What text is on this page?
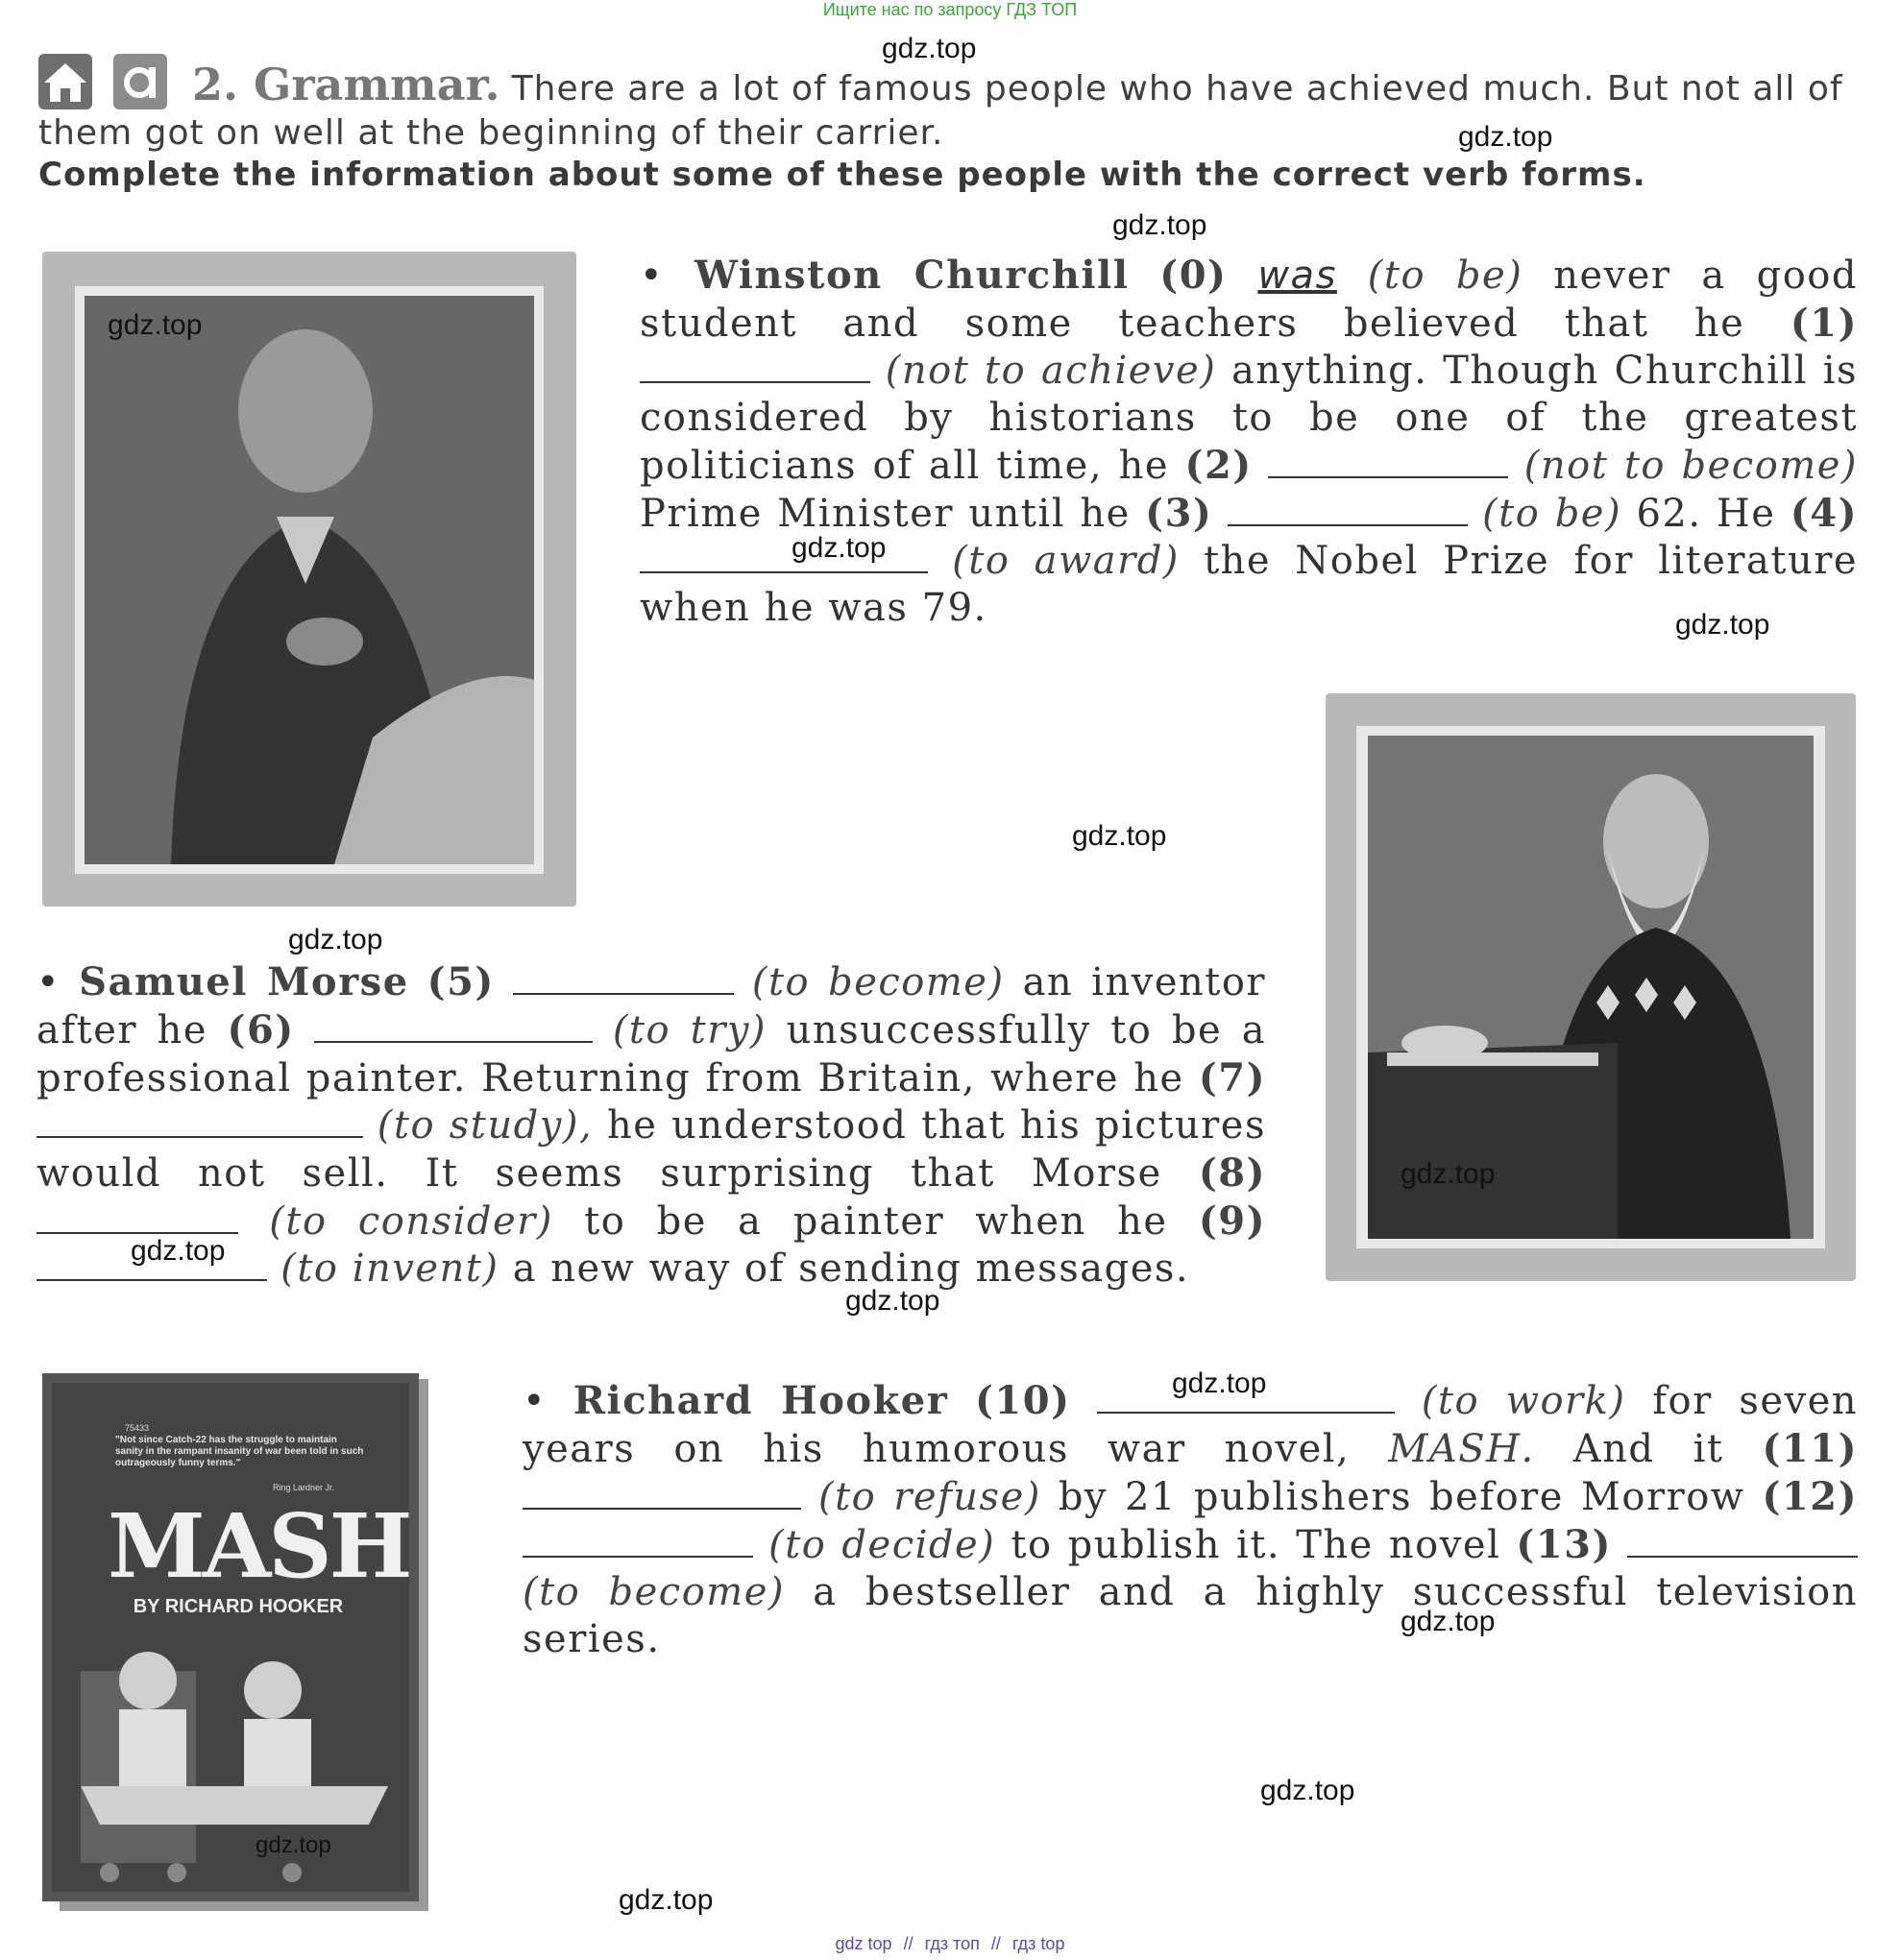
Ищите нас по запросу ГДЗ ТОП
2. Grammar. There are a lot of famous people who have achieved much. But not all of them got on well at the beginning of their carrier.
Complete the information about some of these people with the correct verb forms.
• Winston Churchill (0) was (to be) never a good student and some teachers believed that he (1)  (not to achieve) anything. Though Churchill is considered by historians to be one of the greatest politicians of all time, he (2)	(not to become) Prime Minister until he (3)	(to be) 62. He (4)  (to award) the Nobel Prize for literature when he was 79.
• Samuel Morse (5)	(to become) an inventor after he (6)	(to try) unsuccessfully to be a professional painter. Returning from Britain, where he (7)  (to study), he understood that his pictures would not sell. It seems surprising that Morse (8)  (to consider) to be a painter when he (9)  (to invent) a new way of sending messages.
75433
"Not since Catch-22 has the struggle to maintain sanity in the rampant insanity of war been told in such outrageously funny terms."
Ring Lardner Jr.
MASH
BY RICHARD HOOKER
• Richard Hooker (10)	(to work) for seven years on his humorous war novel, MASH. And it (11)  (to refuse) by 21 publishers before Morrow (12)  (to decide) to publish it. The novel (13)  (to become) a bestseller and a highly successful television series.
gdz.top
gdz.top
gdz.top
gdz.top
gdz.top
gdz.top
gdz.top
gdz.top
gdz.top
gdz.top
gdz.top
gdz.top
gdz.top
gdz.top
gdz.top
gdz.top
gdz top // гдз топ // гдз top
